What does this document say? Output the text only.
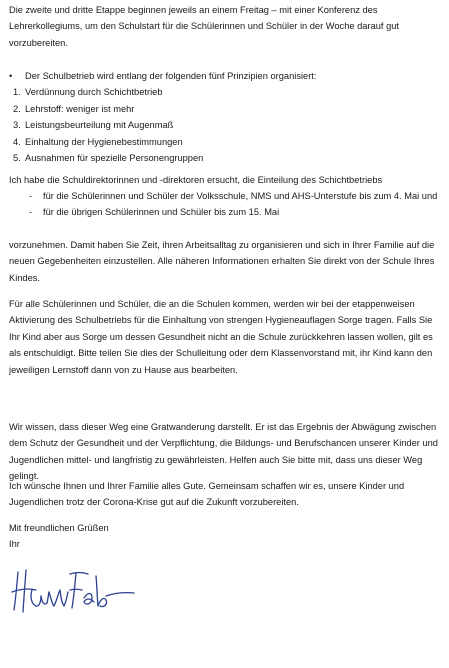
Die zweite und dritte Etappe beginnen jeweils an einem Freitag – mit einer Konferenz des Lehrerkollegiums, um den Schulstart für die Schülerinnen und Schüler in der Woche darauf gut vorzubereiten.

•	Der Schulbetrieb wird entlang der folgenden fünf Prinzipien organisiert:
1. Verdünnung durch Schichtbetrieb
2. Lehrstoff: weniger ist mehr
3. Leistungsbeurteilung mit Augenmaß
4. Einhaltung der Hygienebestimmungen
5. Ausnahmen für spezielle Personengruppen

Ich habe die Schuldirektorinnen und -direktoren ersucht, die Einteilung des Schichtbetriebs

- für die Schülerinnen und Schüler der Volksschule, NMS und AHS-Unterstufe bis zum 4. Mai und
- für die übrigen Schülerinnen und Schüler bis zum 15. Mai

vorzunehmen. Damit haben Sie Zeit, ihren Arbeitsalltag zu organisieren und sich in Ihrer Familie auf die neuen Gegebenheiten einzustellen. Alle näheren Informationen erhalten Sie direkt von der Schule Ihres Kindes.

Für alle Schülerinnen und Schüler, die an die Schulen kommen, werden wir bei der etappenweisen Aktivierung des Schulbetriebs für die Einhaltung von strengen Hygieneauflagen Sorge tragen. Falls Sie Ihr Kind aber aus Sorge um dessen Gesundheit nicht an die Schule zurückkehren lassen wollen, gilt es als entschuldigt. Bitte teilen Sie dies der Schulleitung oder dem Klassenvorstand mit, ihr Kind kann den jeweiligen Lernstoff dann von zu Hause aus bearbeiten.

Wir wissen, dass dieser Weg eine Gratwanderung darstellt. Er ist das Ergebnis der Abwägung zwischen dem Schutz der Gesundheit und der Verpflichtung, die Bildungs- und Berufschancen unserer Kinder und Jugendlichen mittel- und langfristig zu gewährleisten. Helfen auch Sie bitte mit, dass uns dieser Weg gelingt.

Ich wünsche Ihnen und Ihrer Familie alles Gute. Gemeinsam schaffen wir es, unsere Kinder und Jugendlichen trotz der Corona-Krise gut auf die Zukunft vorzubereiten.

Mit freundlichen Grüßen

Ihr
